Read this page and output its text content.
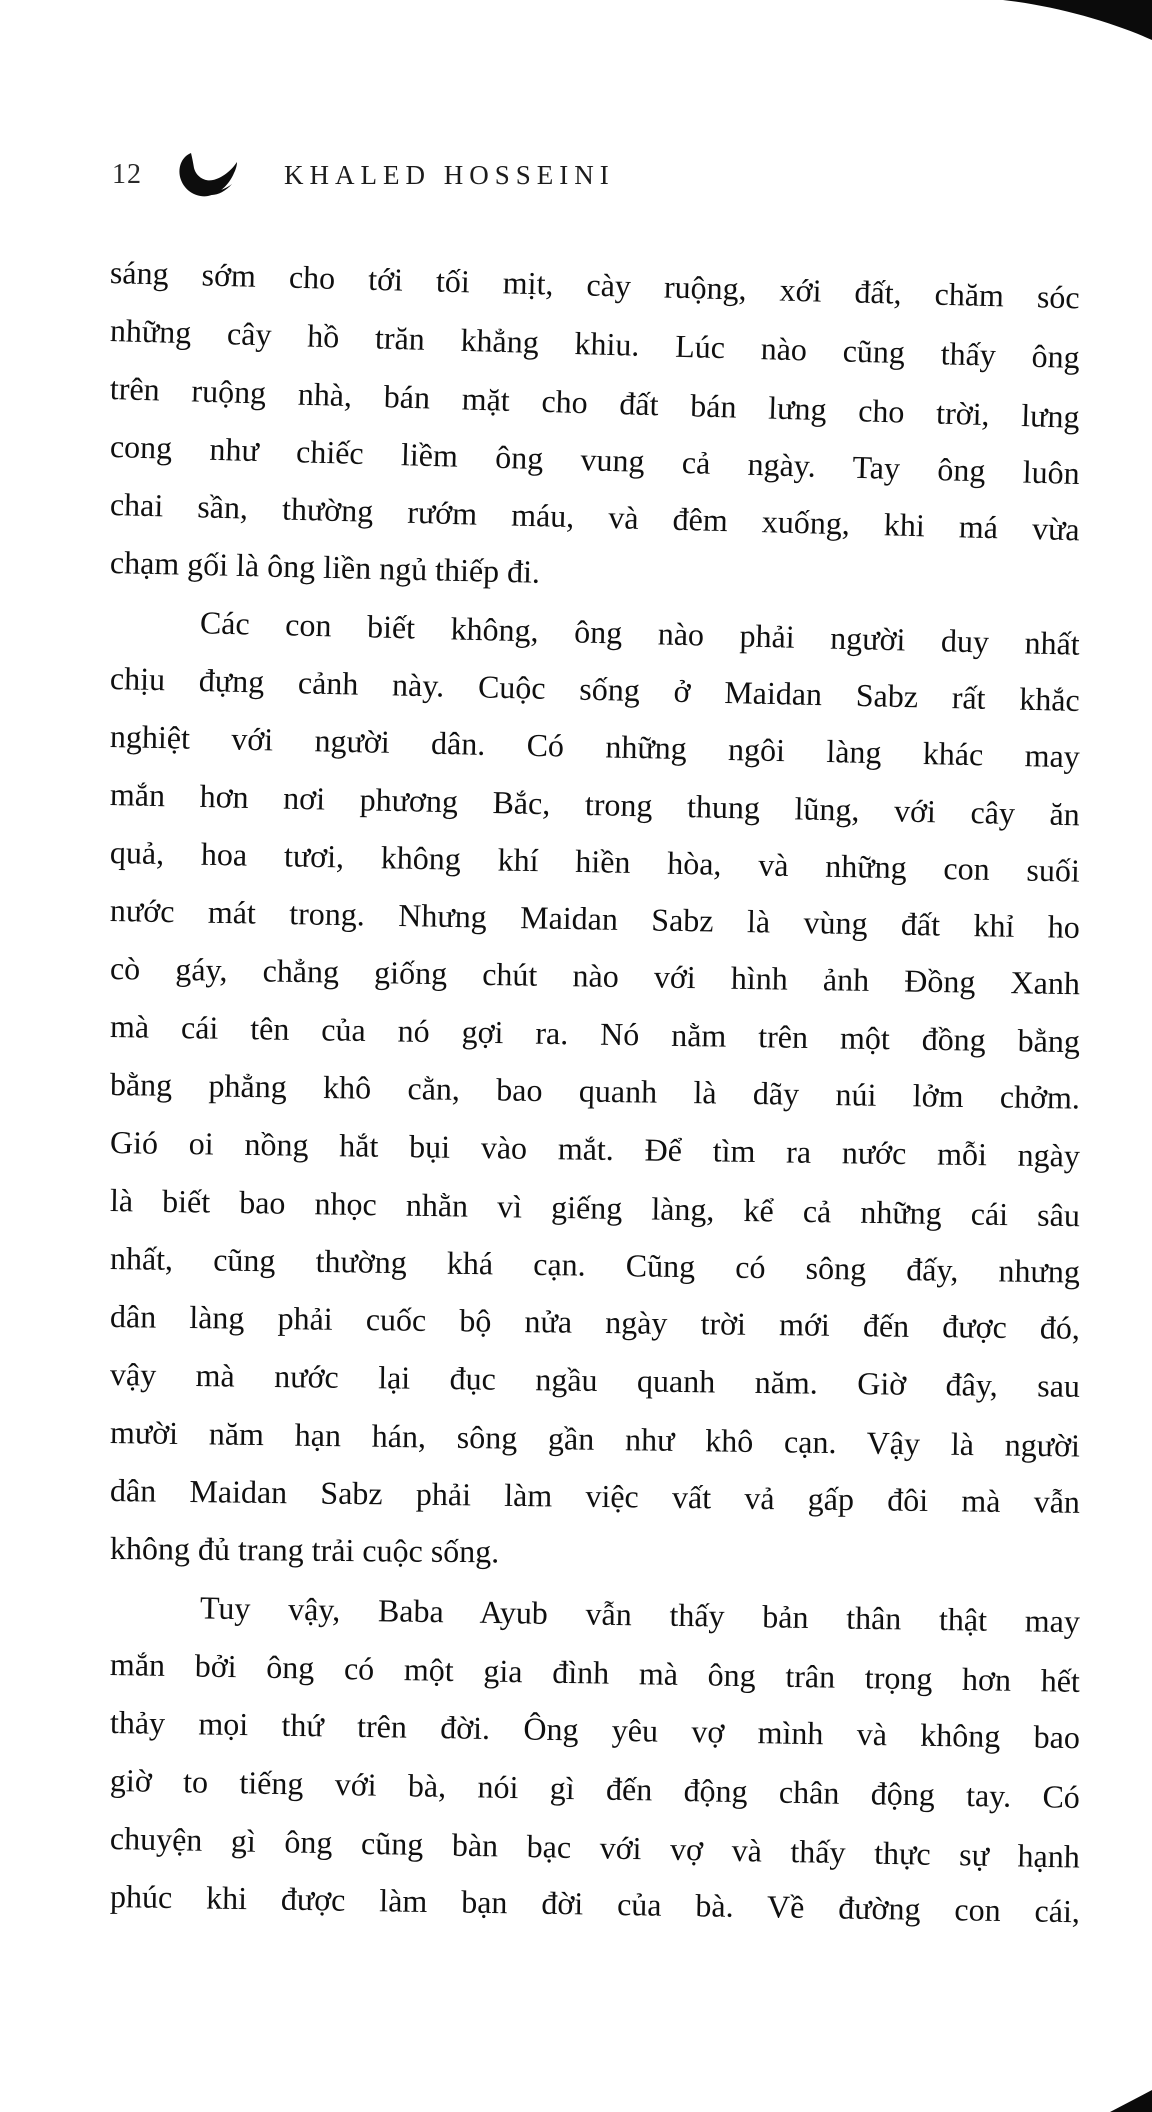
12	KHALED HOSSEINI
sáng sớm cho tới tối mịt, cày ruộng, xới đất, chăm sóc
những cây hồ trăn khẳng khiu. Lúc nào cũng thấy ông
trên ruộng nhà, bán mặt cho đất bán lưng cho trời, lưng
cong như chiếc liềm ông vung cả ngày. Tay ông luôn
chai sần, thường rướm máu, và đêm xuống, khi má vừa
chạm gối là ông liền ngủ thiếp đi.
Các con biết không, ông nào phải người duy nhất
chịu đựng cảnh này. Cuộc sống ở Maidan Sabz rất khắc
nghiệt với người dân. Có những ngôi làng khác may
mắn hơn nơi phương Bắc, trong thung lũng, với cây ăn
quả, hoa tươi, không khí hiền hòa, và những con suối
nước mát trong. Nhưng Maidan Sabz là vùng đất khỉ ho
cò gáy, chẳng giống chút nào với hình ảnh Đồng Xanh
mà cái tên của nó gợi ra. Nó nằm trên một đồng bằng
bằng phẳng khô cằn, bao quanh là dãy núi lởm chởm.
Gió oi nồng hắt bụi vào mắt. Để tìm ra nước mỗi ngày
là biết bao nhọc nhằn vì giếng làng, kể cả những cái sâu
nhất, cũng thường khá cạn. Cũng có sông đấy, nhưng
dân làng phải cuốc bộ nửa ngày trời mới đến được đó,
vậy mà nước lại đục ngầu quanh năm. Giờ đây, sau
mười năm hạn hán, sông gần như khô cạn. Vậy là người
dân Maidan Sabz phải làm việc vất vả gấp đôi mà vẫn
không đủ trang trải cuộc sống.
Tuy vậy, Baba Ayub vẫn thấy bản thân thật may
mắn bởi ông có một gia đình mà ông trân trọng hơn hết
thảy mọi thứ trên đời. Ông yêu vợ mình và không bao
giờ to tiếng với bà, nói gì đến động chân động tay. Có
chuyện gì ông cũng bàn bạc với vợ và thấy thực sự hạnh
phúc khi được làm bạn đời của bà. Về đường con cái,
